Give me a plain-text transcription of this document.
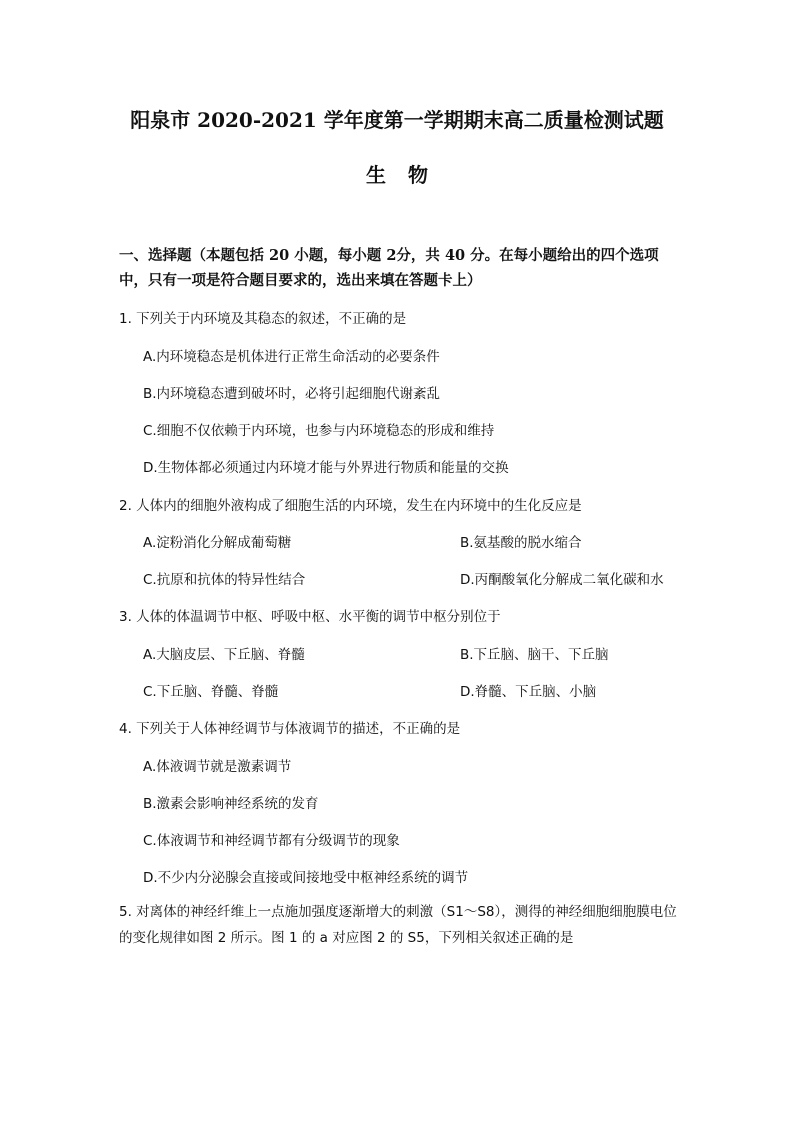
阳泉市 2020-2021 学年度第一学期期末高二质量检测试题
生 物
一、选择题（本题包括 20 小题，每小题 2分，共 40 分。在每小题给出的四个选项中，只有一项是符合题目要求的，选出来填在答题卡上）
1. 下列关于内环境及其稳态的叙述，不正确的是
A.内环境稳态是机体进行正常生命活动的必要条件
B.内环境稳态遭到破坏时，必将引起细胞代谢紊乱
C.细胞不仅依赖于内环境，也参与内环境稳态的形成和维持
D.生物体都必须通过内环境才能与外界进行物质和能量的交换
2. 人体内的细胞外液构成了细胞生活的内环境，发生在内环境中的生化反应是
A.淀粉消化分解成葡萄糖	B.氨基酸的脱水缩合
C.抗原和抗体的特异性结合	D.丙酮酸氧化分解成二氧化碳和水
3. 人体的体温调节中枢、呼吸中枢、水平衡的调节中枢分别位于
A.大脑皮层、下丘脑、脊髓	B.下丘脑、脑干、下丘脑
C.下丘脑、脊髓、脊髓	D.脊髓、下丘脑、小脑
4. 下列关于人体神经调节与体液调节的描述，不正确的是
A.体液调节就是激素调节
B.激素会影响神经系统的发育
C.体液调节和神经调节都有分级调节的现象
D.不少内分泌腺会直接或间接地受中枢神经系统的调节
5. 对离体的神经纤维上一点施加强度逐渐增大的刺激（S1～S8），测得的神经细胞细胞膜电位的变化规律如图 2 所示。图 1 的 a 对应图 2 的 S5，下列相关叙述正确的是
